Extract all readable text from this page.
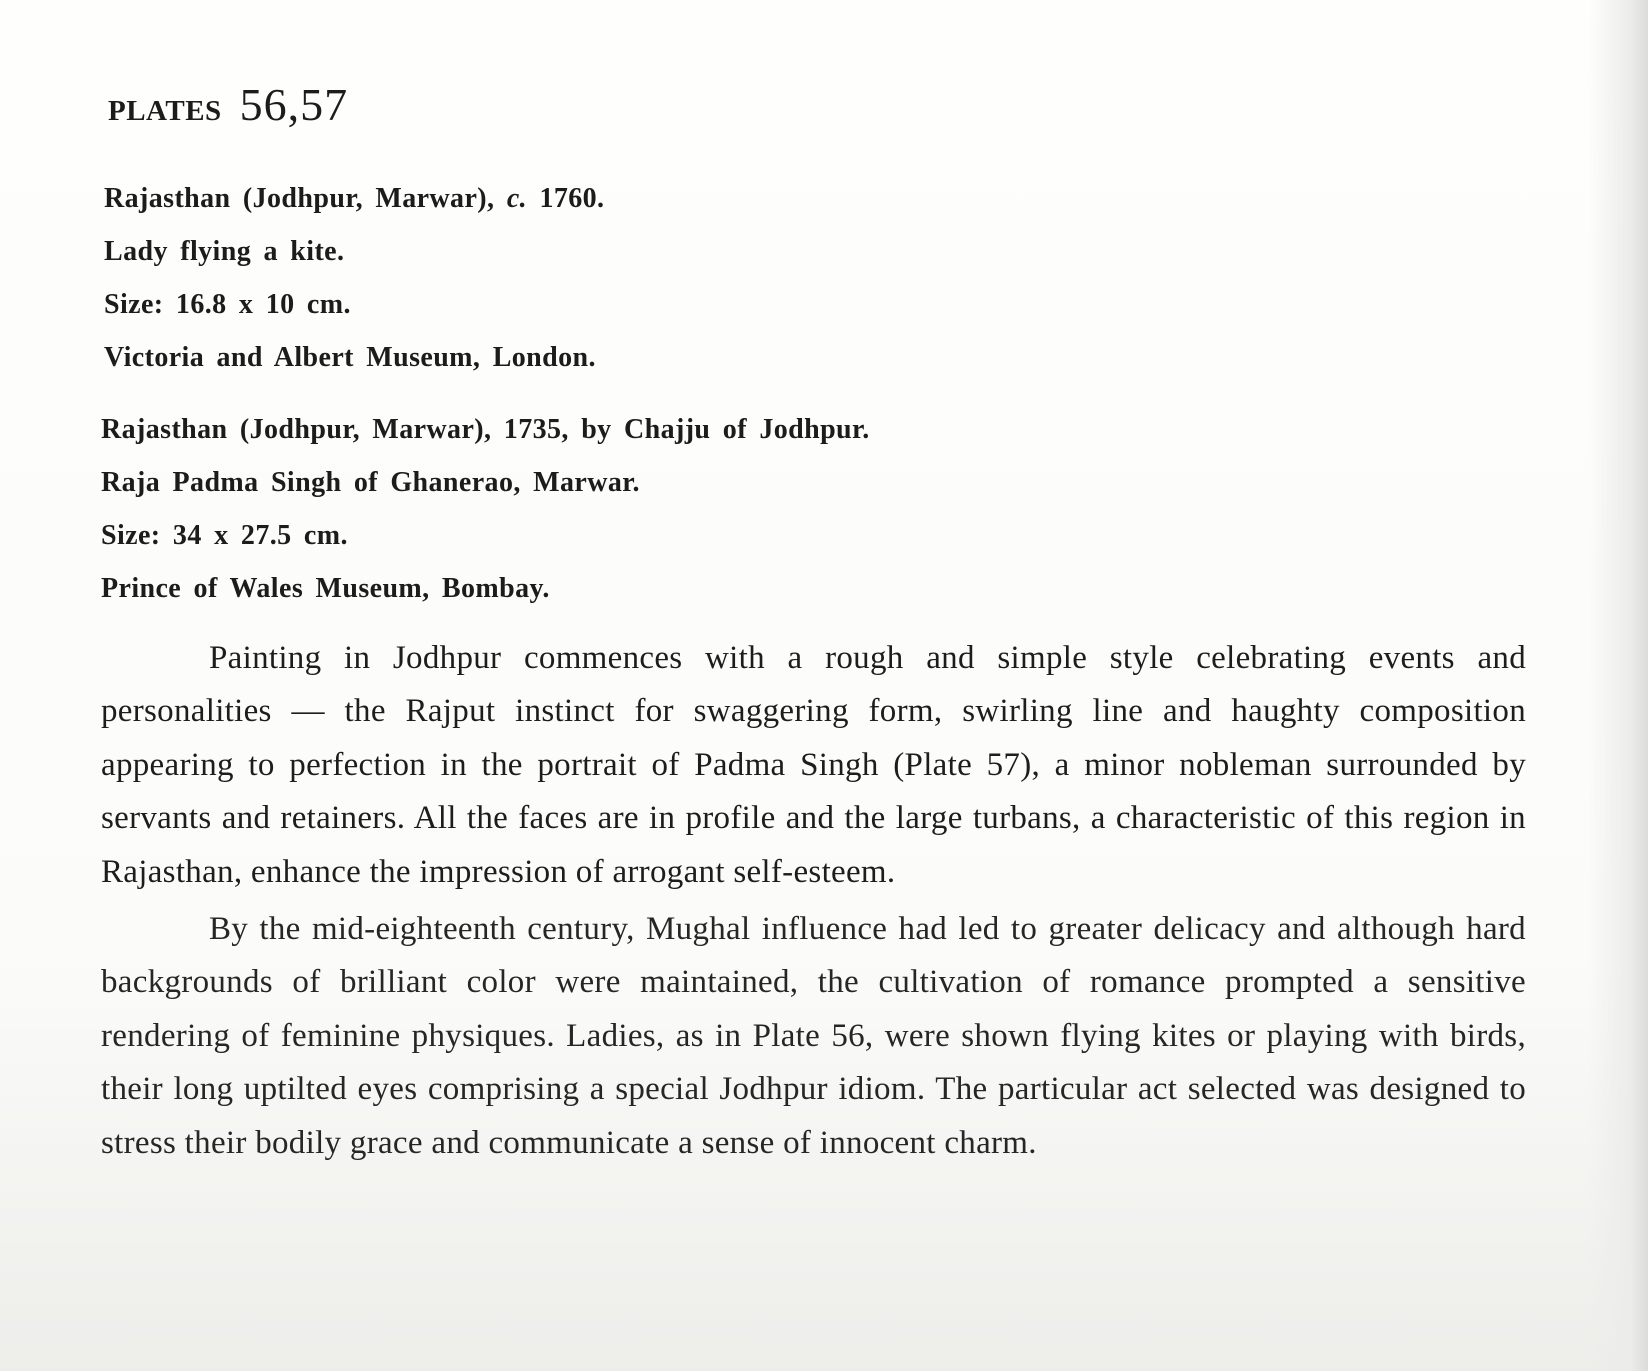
PLATES 56,57
Rajasthan (Jodhpur, Marwar), c. 1760.
Lady flying a kite.
Size: 16.8 x 10 cm.
Victoria and Albert Museum, London.
Rajasthan (Jodhpur, Marwar), 1735, by Chajju of Jodhpur.
Raja Padma Singh of Ghanerao, Marwar.
Size: 34 x 27.5 cm.
Prince of Wales Museum, Bombay.

Painting in Jodhpur commences with a rough and simple style celebrating events and personalities — the Rajput instinct for swaggering form, swirling line and haughty composition appearing to perfection in the portrait of Padma Singh (Plate 57), a minor nobleman surrounded by servants and retainers. All the faces are in profile and the large turbans, a characteristic of this region in Rajasthan, enhance the impression of arrogant self-esteem.

By the mid-eighteenth century, Mughal influence had led to greater delicacy and although hard backgrounds of brilliant color were maintained, the cultivation of romance prompted a sensitive rendering of feminine physiques. Ladies, as in Plate 56, were shown flying kites or playing with birds, their long uptilted eyes comprising a special Jodhpur idiom. The particular act selected was designed to stress their bodily grace and communicate a sense of innocent charm.
